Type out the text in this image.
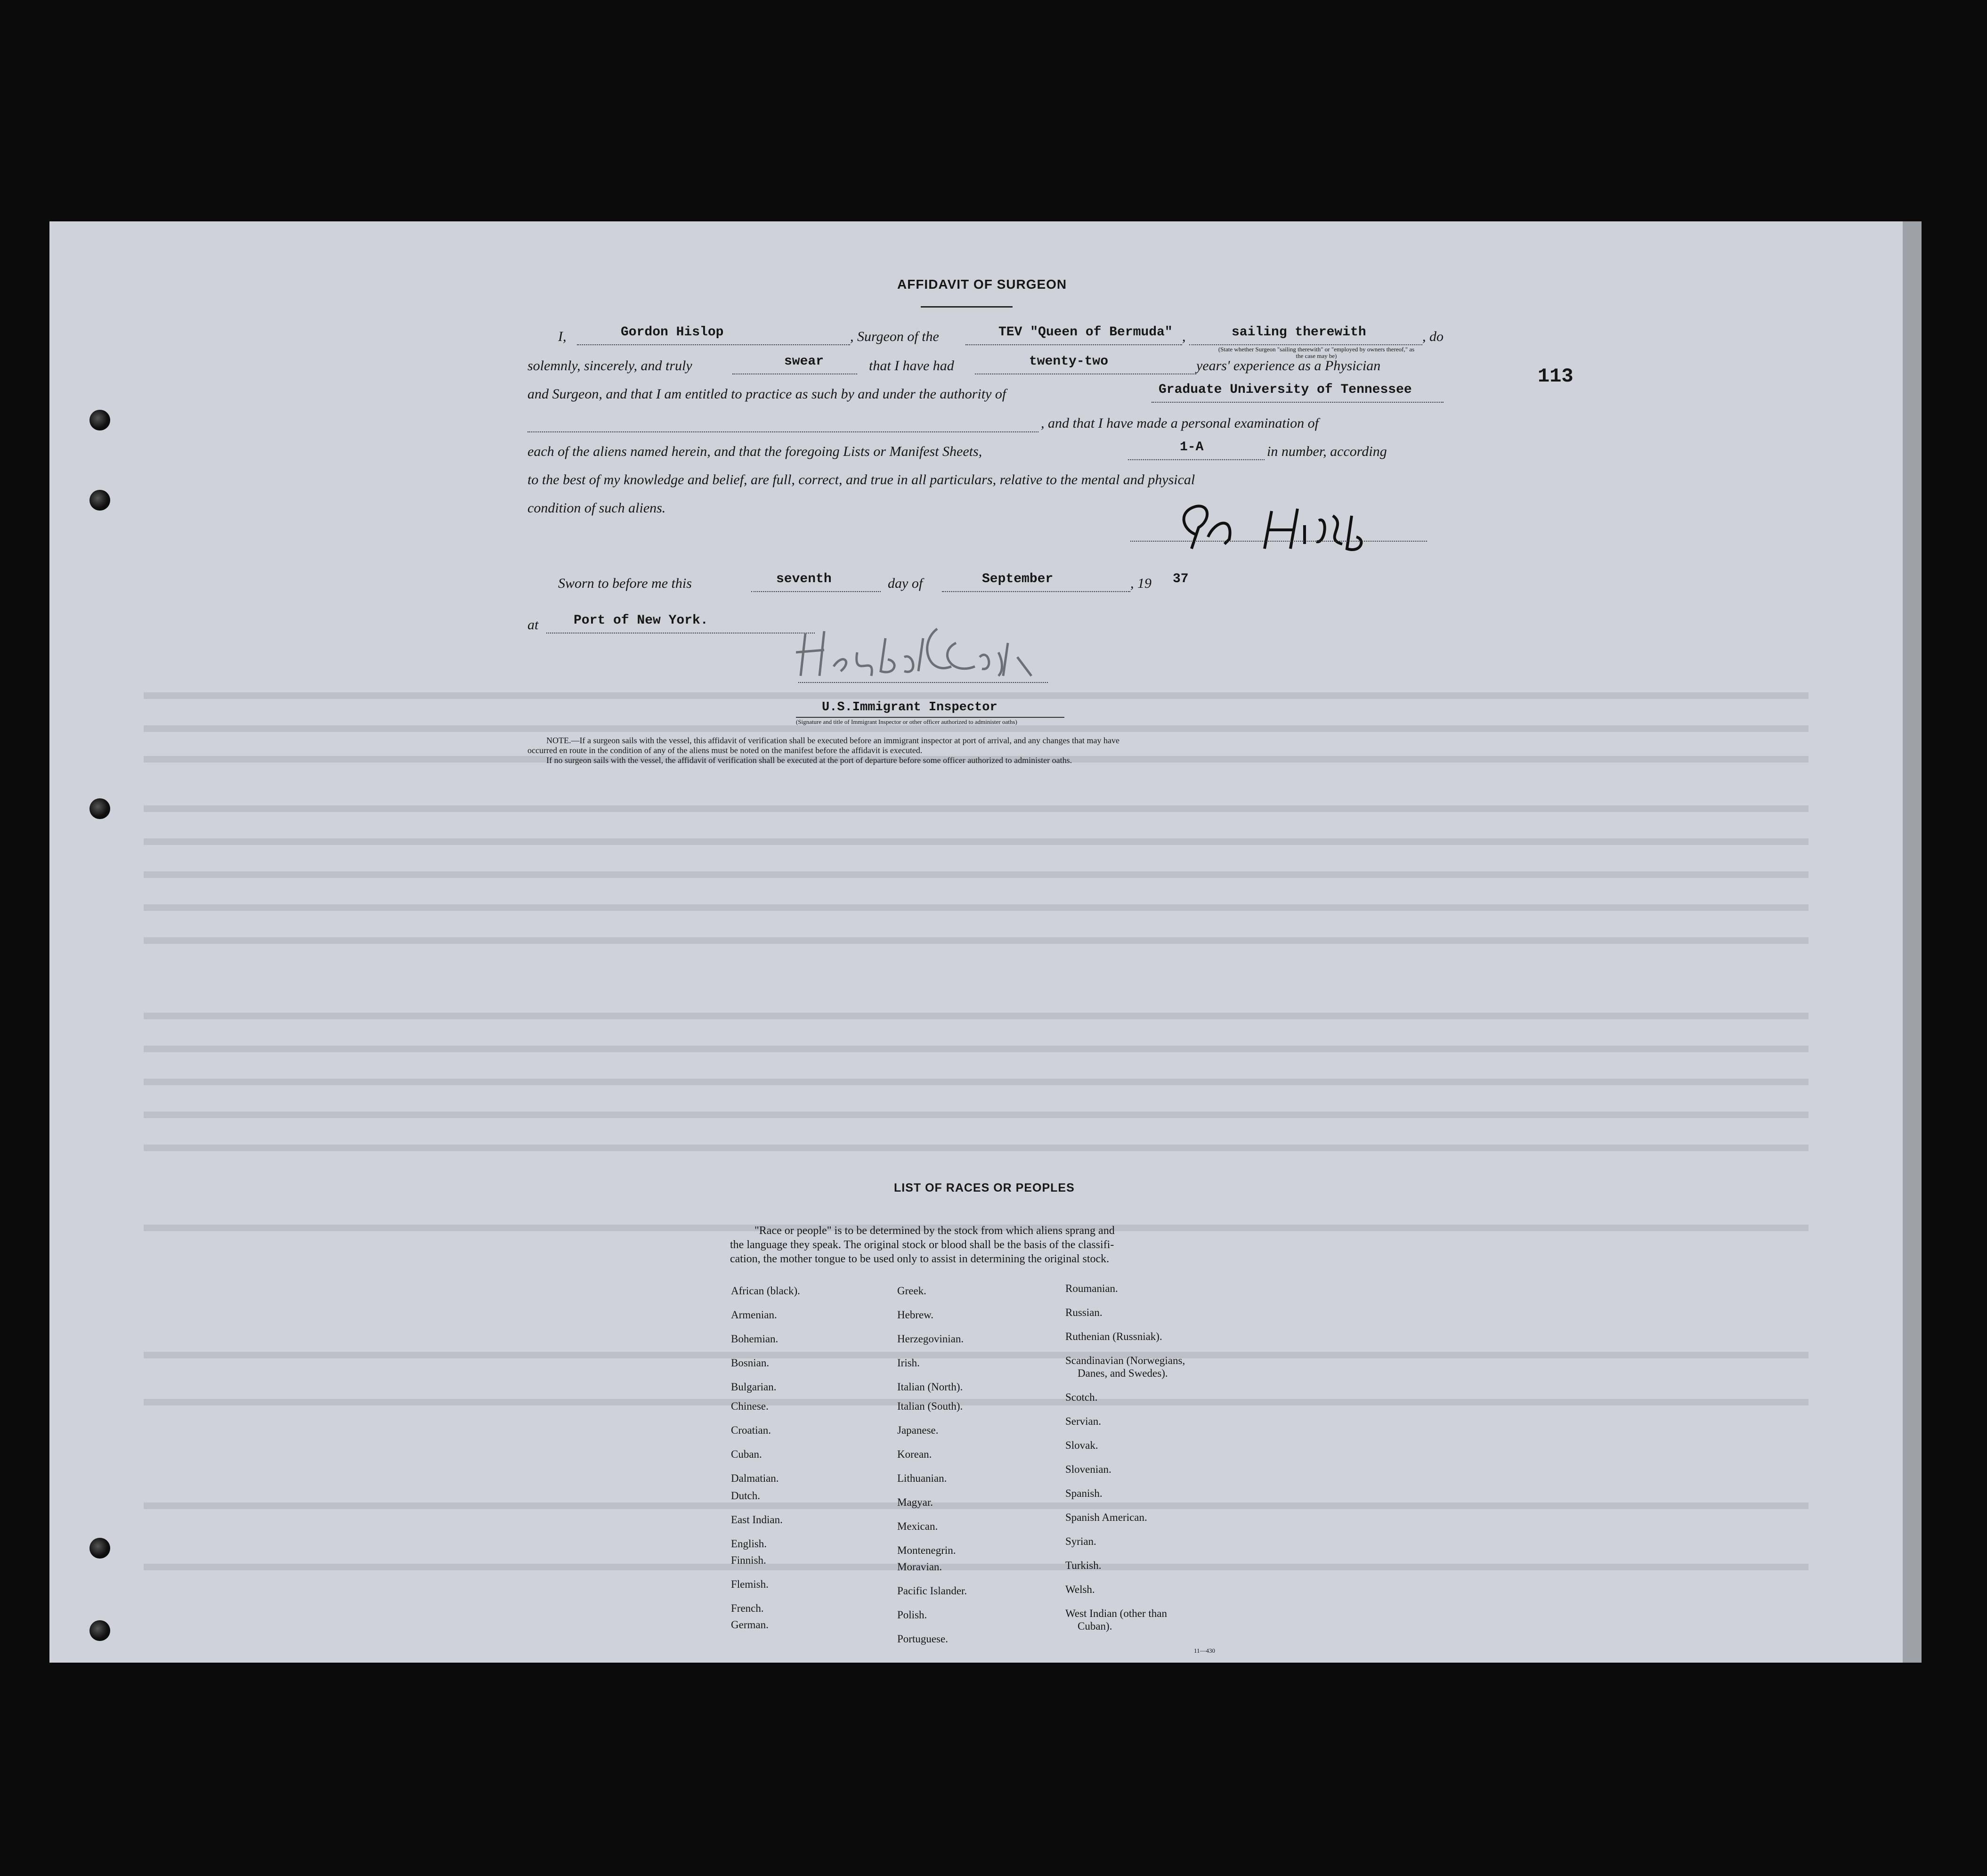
113
AFFIDAVIT OF SURGEON
I,	Gordon Hislop	, Surgeon of the	TEV "Queen of Bermuda" ,	sailing therewith	, do
(State whether Surgeon "sailing therewith" or "employed by owners thereof," as the case may be)
solemnly, sincerely, and truly	swear	that I have had	twenty-two	years' experience as a Physician
and Surgeon, and that I am entitled to practice as such by and under the authority of	Graduate University of Tennessee
, and that I have made a personal examination of
each of the aliens named herein, and that the foregoing Lists or Manifest Sheets,	1-A	in number, according
to the best of my knowledge and belief, are full, correct, and true in all particulars, relative to the mental and physical
condition of such aliens.
Sworn to before me this	seventh	day of	September	, 19 37
at	Port of New York.
U.S.Immigrant Inspector
(Signature and title of Immigrant Inspector or other officer authorized to administer oaths)
NOTE.—If a surgeon sails with the vessel, this affidavit of verification shall be executed before an immigrant inspector at port of arrival, and any changes that may have
occurred en route in the condition of any of the aliens must be noted on the manifest before the affidavit is executed.
If no surgeon sails with the vessel, the affidavit of verification shall be executed at the port of departure before some officer authorized to administer oaths.
LIST OF RACES OR PEOPLES
"Race or people" is to be determined by the stock from which aliens sprang and
the language they speak. The original stock or blood shall be the basis of the classifi-
cation, the mother tongue to be used only to assist in determining the original stock.
African (black).
Armenian.
Bohemian.
Bosnian.
Bulgarian.
Chinese.
Croatian.
Cuban.
Dalmatian.
Dutch.
East Indian.
English.
Finnish.
Flemish.
French.
German.
Greek.
Hebrew.
Herzegovinian.
Irish.
Italian (North).
Italian (South).
Japanese.
Korean.
Lithuanian.
Magyar.
Mexican.
Montenegrin.
Moravian.
Pacific Islander.
Polish.
Portuguese.
Roumanian.
Russian.
Ruthenian (Russniak).
Scandinavian (Norwegians,
Danes, and Swedes).
Scotch.
Servian.
Slovak.
Slovenian.
Spanish.
Spanish American.
Syrian.
Turkish.
Welsh.
West Indian (other than
Cuban).
11—430
